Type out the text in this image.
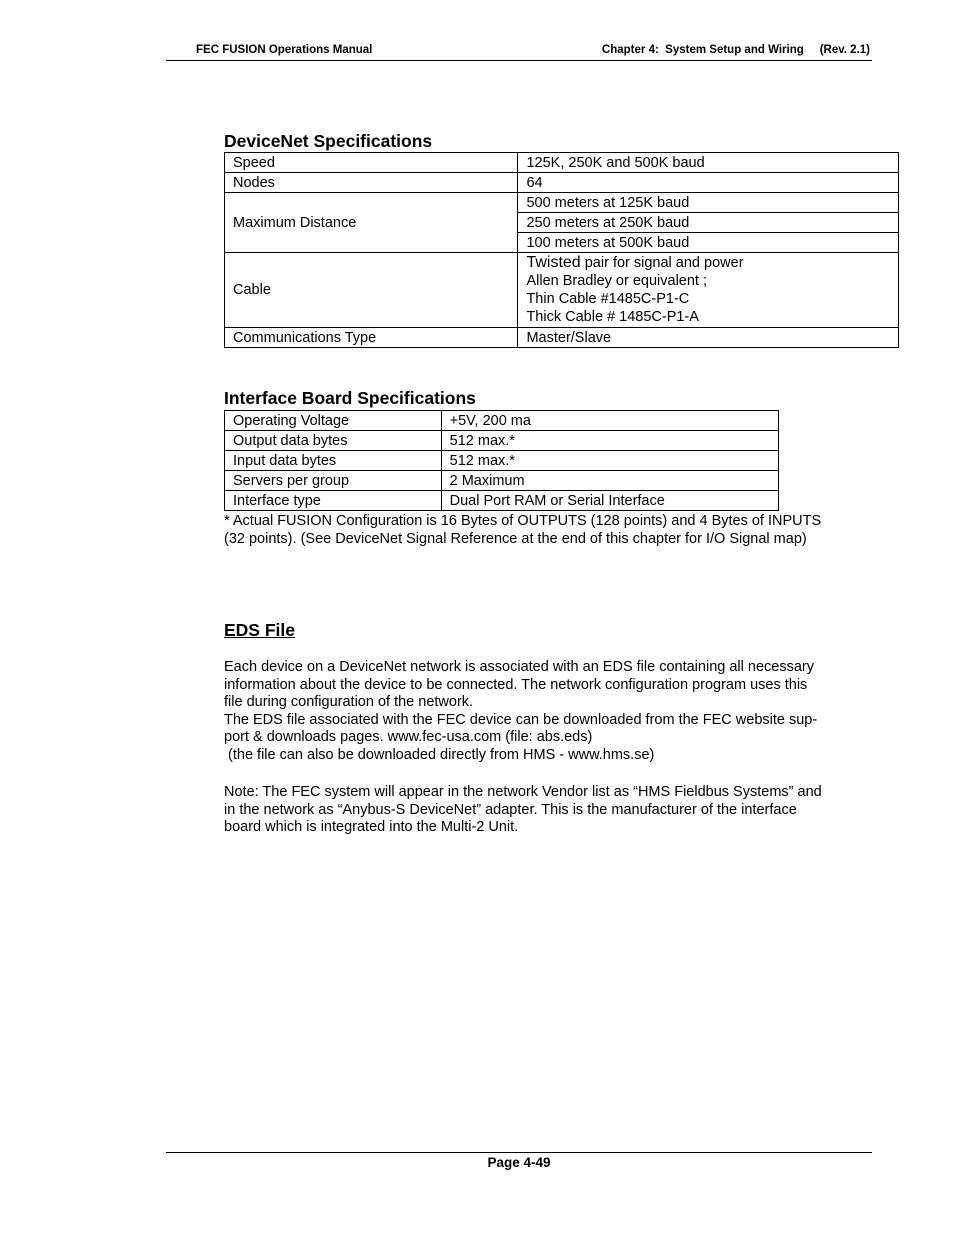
FEC FUSION Operations Manual	Chapter 4:  System Setup and Wiring     (Rev. 2.1)
DeviceNet Specifications
Speed	125K, 250K and 500K baud
Nodes	64
Maximum Distance	500 meters at 125K baud
	250 meters at 250K baud
	100 meters at 500K baud
Cable	Twisted pair for signal and power
Allen Bradley or equivalent ;
Thin Cable #1485C-P1-C
Thick Cable # 1485C-P1-A

Communications Type	Master/Slave
Interface Board Specifications
Operating Voltage	+5V, 200 ma
Output data bytes	512 max.*
Input data bytes	512 max.*
Servers per group	2 Maximum
Interface type	Dual Port RAM or Serial Interface
* Actual FUSION Configuration is 16 Bytes of OUTPUTS (128 points) and 4 Bytes of INPUTS
(32 points). (See DeviceNet Signal Reference at the end of this chapter for I/O Signal map)
EDS File
Each device on a DeviceNet network is associated with an EDS file containing all necessary
information about the device to be connected. The network configuration program uses this
file during configuration of the network.
The EDS file associated with the FEC device can be downloaded from the FEC website sup-
port & downloads pages. www.fec-usa.com (file: abs.eds)
(the file can also be downloaded directly from HMS - www.hms.se)
Note: The FEC system will appear in the network Vendor list as “HMS Fieldbus Systems” and
in the network as “Anybus-S DeviceNet” adapter. This is the manufacturer of the interface
board which is integrated into the Multi-2 Unit.
Page 4-49
